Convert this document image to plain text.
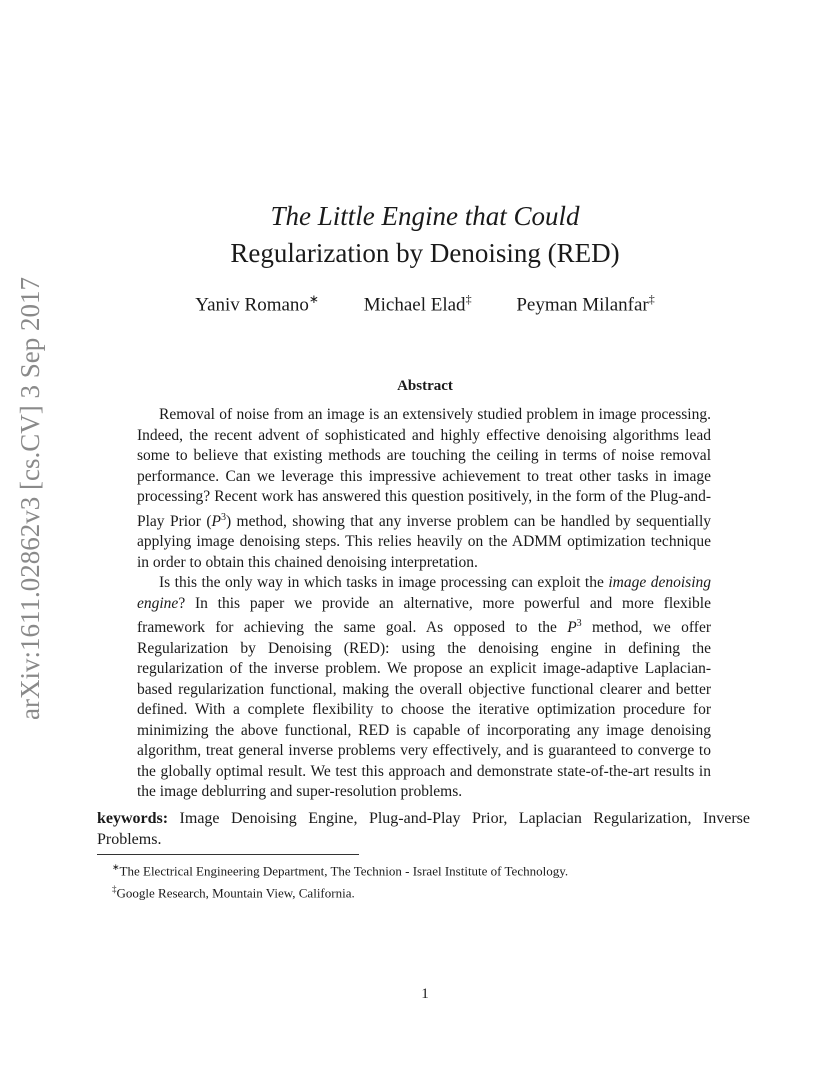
arXiv:1611.02862v3 [cs.CV] 3 Sep 2017
The Little Engine that Could
Regularization by Denoising (RED)
Yaniv Romano∗ Michael Elad‡ Peyman Milanfar‡
Abstract

Removal of noise from an image is an extensively studied problem in image processing. Indeed, the recent advent of sophisticated and highly effective denoising algorithms lead some to believe that existing methods are touching the ceiling in terms of noise removal performance. Can we leverage this impressive achievement to treat other tasks in image processing? Recent work has answered this question positively, in the form of the Plug-and-Play Prior $(P^3)$ method, showing that any inverse problem can be handled by sequentially applying image denoising steps. This relies heavily on the ADMM optimization technique in order to obtain this chained denoising interpretation.

Is this the only way in which tasks in image processing can exploit the image denoising engine? In this paper we provide an alternative, more powerful and more flexible framework for achieving the same goal. As opposed to the $P^3$ method, we offer Regularization by Denoising (RED): using the denoising engine in defining the regularization of the inverse problem. We propose an explicit image-adaptive Laplacian-based regularization functional, making the overall objective functional clearer and better defined. With a complete flexibility to choose the iterative optimization procedure for minimizing the above functional, RED is capable of incorporating any image denoising algorithm, treat general inverse problems very effectively, and is guaranteed to converge to the globally optimal result. We test this approach and demonstrate state-of-the-art results in the image deblurring and super-resolution problems.

keywords: Image Denoising Engine, Plug-and-Play Prior, Laplacian Regularization, Inverse Problems.
∗The Electrical Engineering Department, The Technion - Israel Institute of Technology.
‡Google Research, Mountain View, California.
1
